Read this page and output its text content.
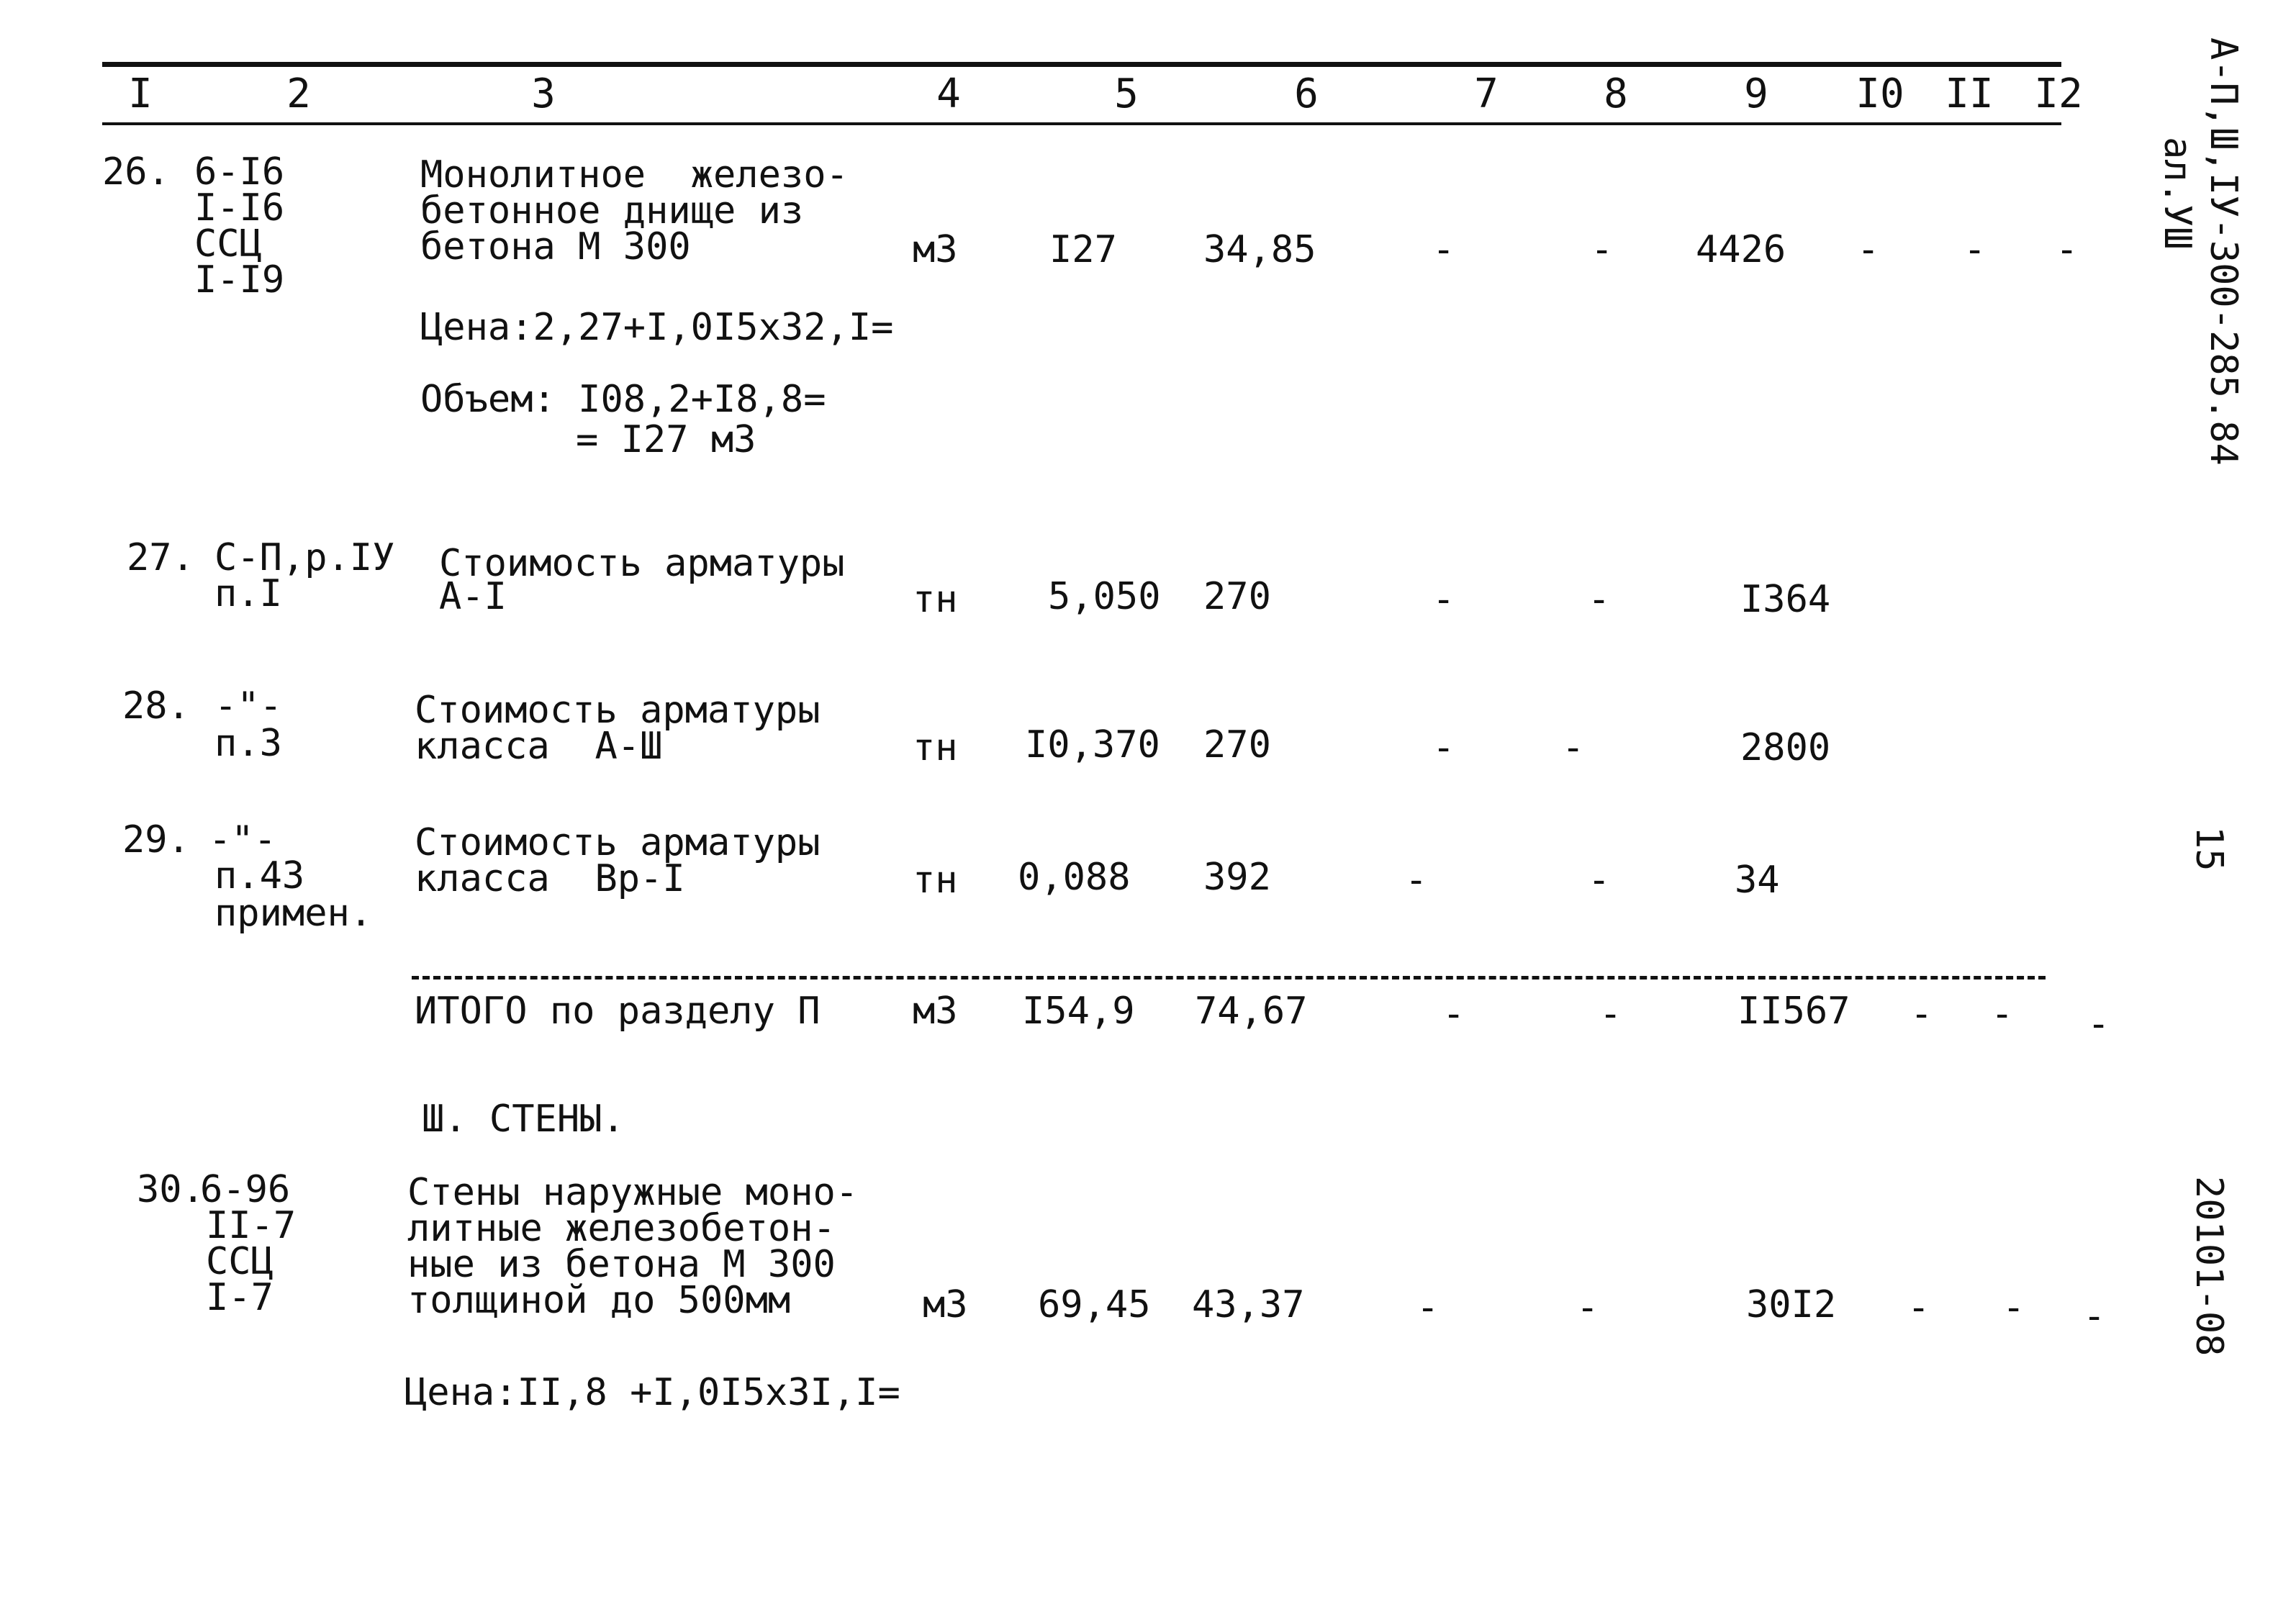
I	2	3	4	5	6	7	8	9 I0 II I2
26. 6-I6
I-I6
ССЦ
I-I9
Монолитное  железо-
бетонное днище из
бетона М 300	м3 I27 34,85	-	- 4426 - - -
Цена:2,27+I,0I5x32,I=
Объем: I08,2+I8,8=
= I27 м3
27. С-П,р.IУ
п.I
Стоимость арматуры
А-I	тн 5,050 270	-	-	I364
28. -"-
п.3
Стоимость арматуры
класса  А-Ш	тн I0,370 270	-	-	2800
29. -"-
п.43
примен.
Стоимость арматуры
класса  Вр-I	тн 0,088 392	-	-	34
ИТОГО по разделу П м3 I54,9 74,67	-	-	II567 - - -
Ш. СТЕНЫ.
30.
6-96
II-7
ССЦ
I-7
Стены наружные моно-
литные железобетон-
ные из бетона М 300
толщиной до 500мм	м3 69,45 43,37	-	-	30I2 - - -
Цена:II,8 +I,0I5x3I,I=
А-П,Ш,IУ-300-285.84
ал.УШ
15
20101-08
